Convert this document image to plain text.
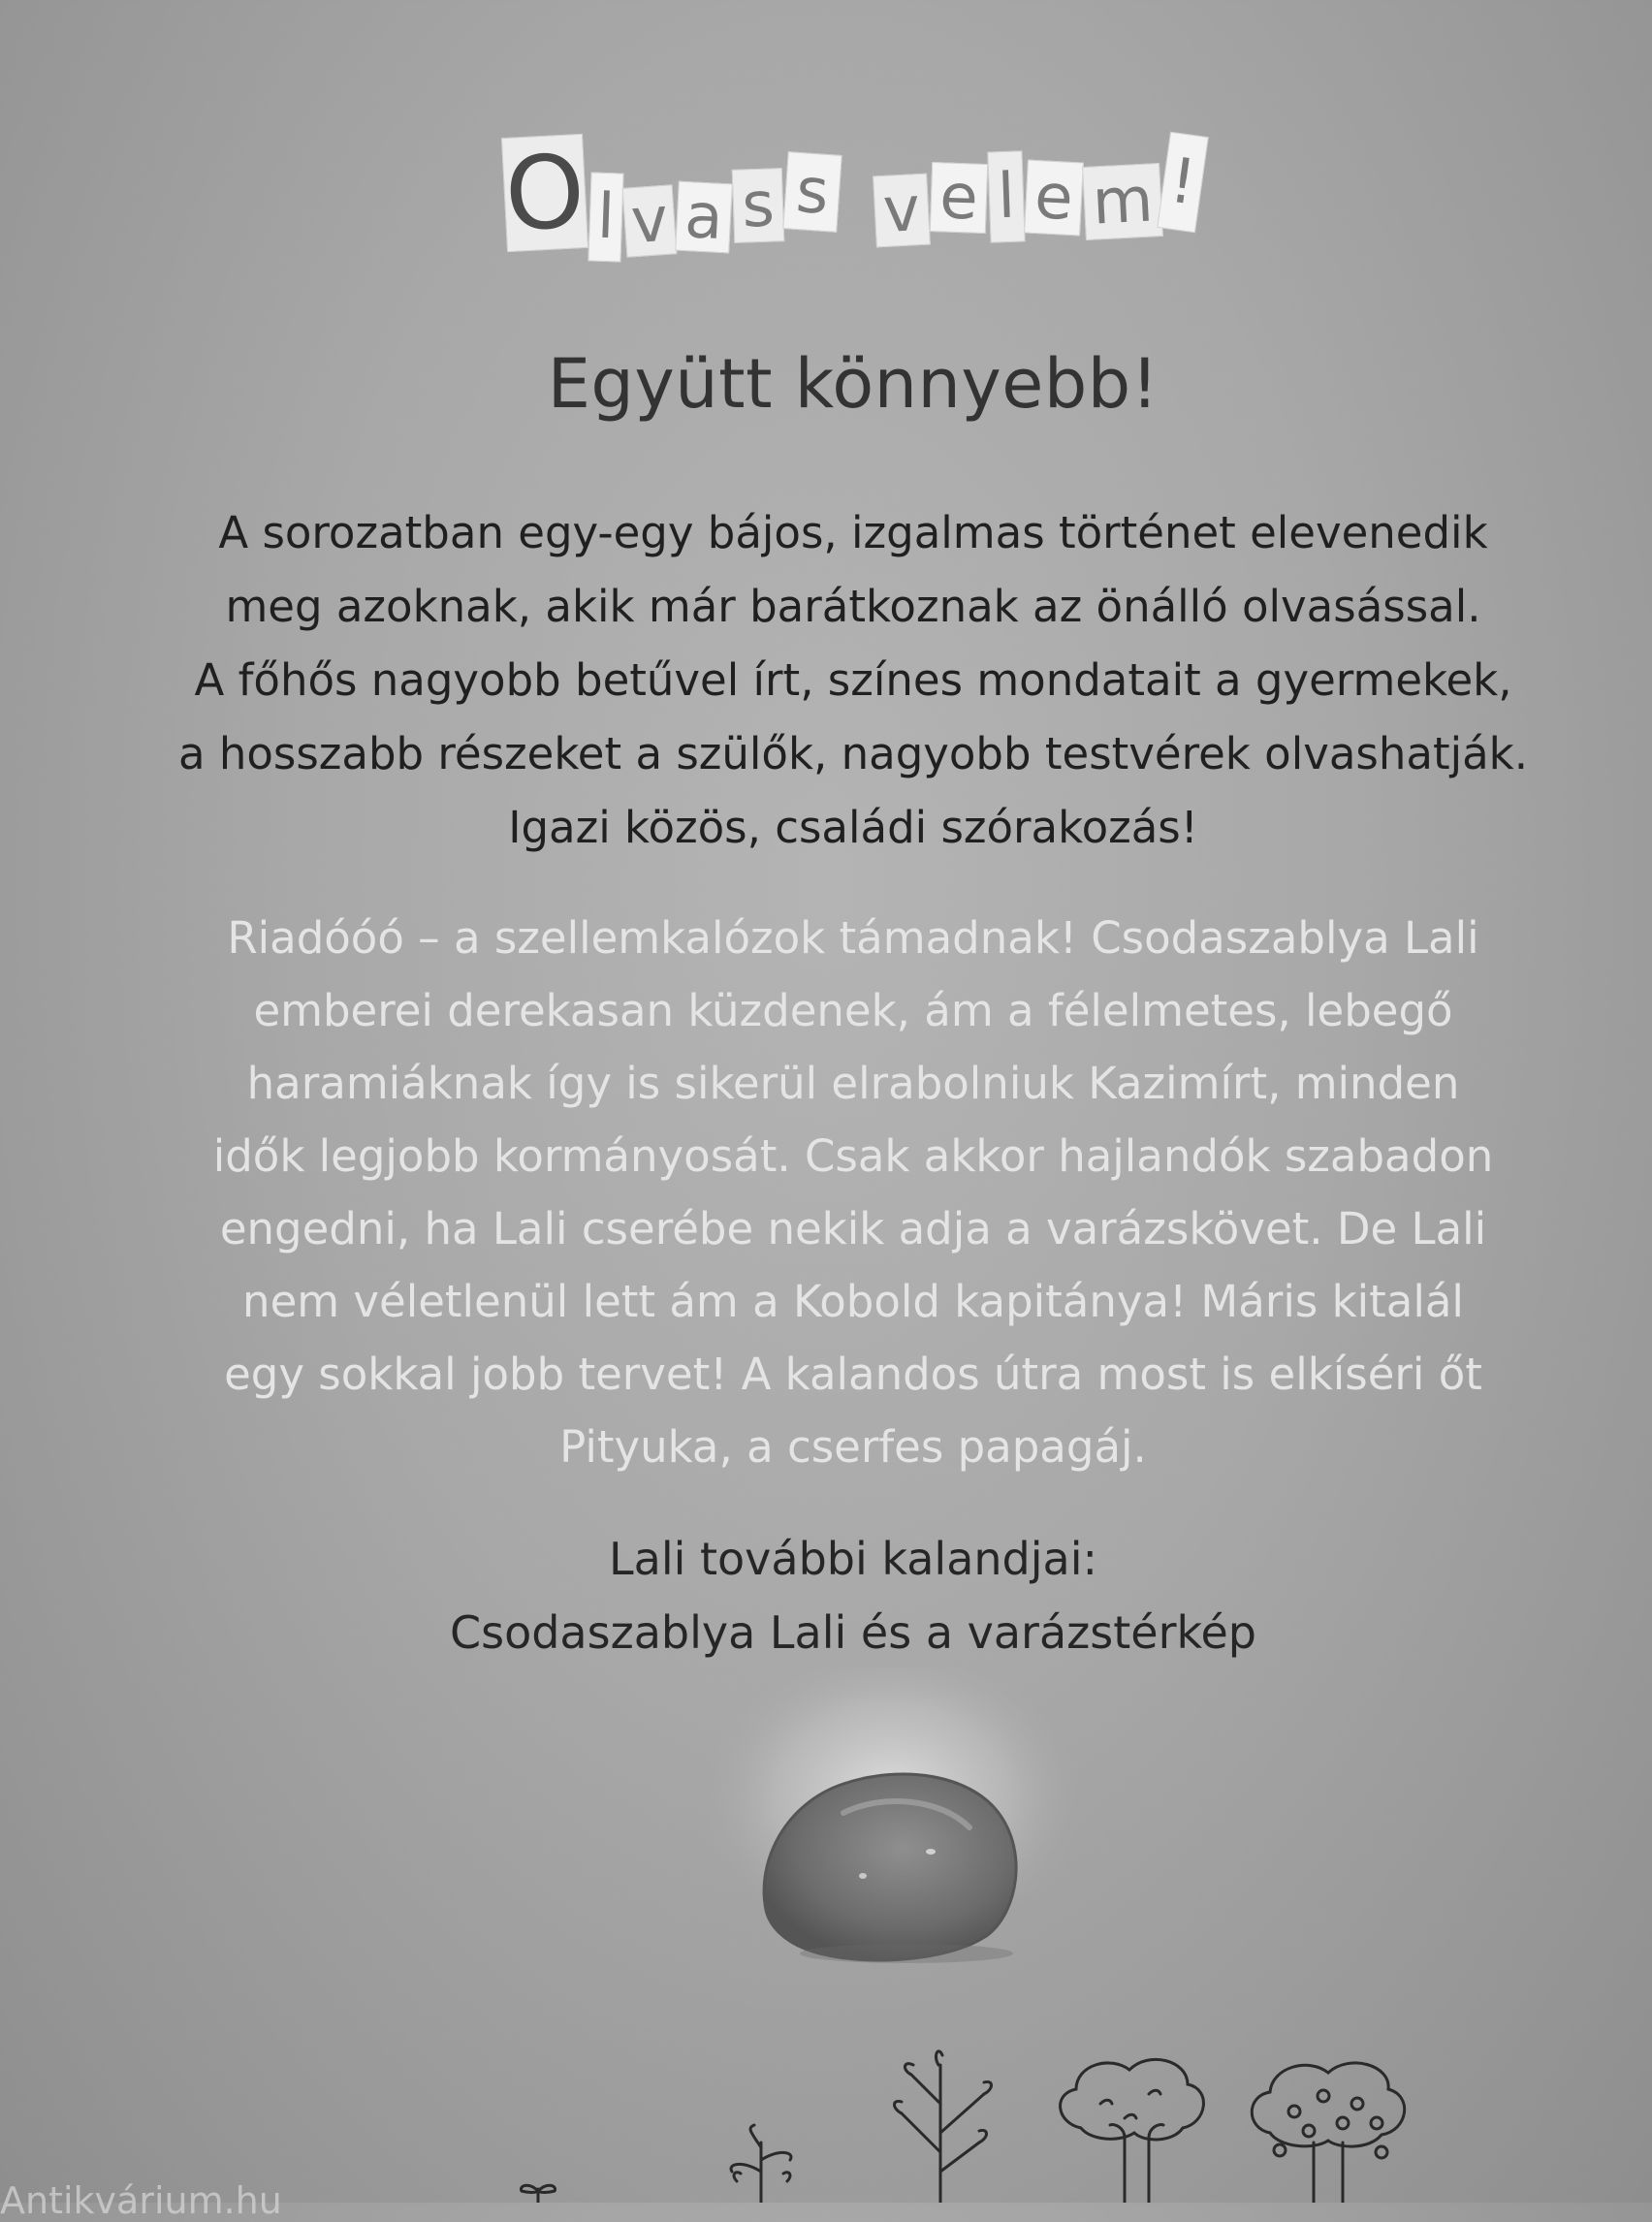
O l v a s s v e l e m !
Együtt könnyebb!

A sorozatban egy-egy bájos, izgalmas történet elevenedik
meg azoknak, akik már barátkoznak az önálló olvasással.
A főhős nagyobb betűvel írt, színes mondatait a gyermekek,
a hosszabb részeket a szülők, nagyobb testvérek olvashatják.
Igazi közös, családi szórakozás!

Riadóóó – a szellemkalózok támadnak! Csodaszablya Lali
emberei derekasan küzdenek, ám a félelmetes, lebegő
haramiáknak így is sikerül elrabolniuk Kazimírt, minden
idők legjobb kormányosát. Csak akkor hajlandók szabadon
engedni, ha Lali cserébe nekik adja a varázskövet. De Lali
nem véletlenül lett ám a Kobold kapitánya! Máris kitalál
egy sokkal jobb tervet! A kalandos útra most is elkíséri őt
Pityuka, a cserfes papagáj.

Lali további kalandjai:
Csodaszablya Lali és a varázstérkép
Antikvárium.hu
